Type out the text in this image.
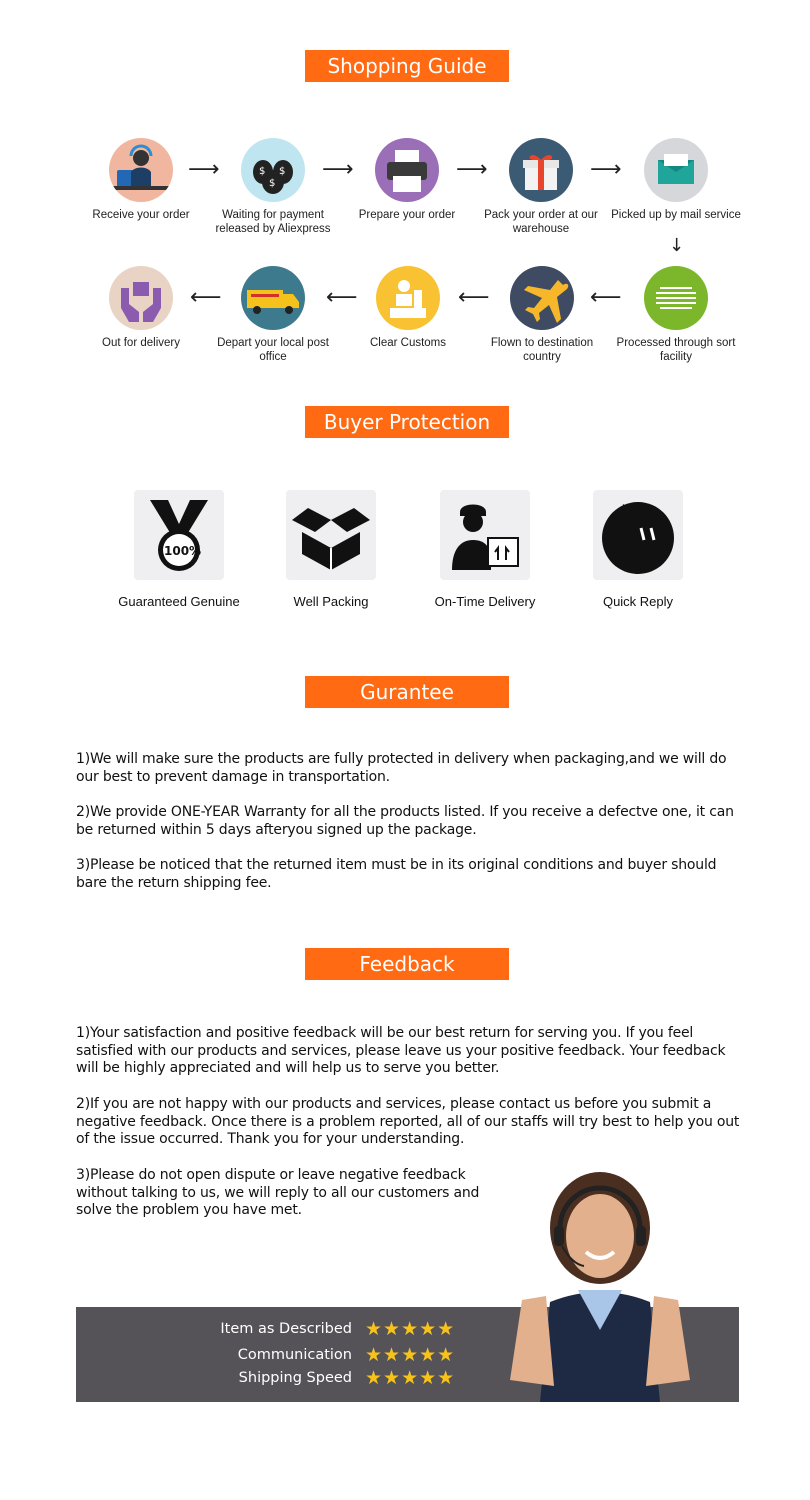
Shopping Guide
Receive your order
⟶	$ $
$
Waiting for payment released by Aliexpress
⟶
Prepare your order
⟶
Pack your order at our warehouse
⟶
Picked up by mail service
↓
Out for delivery
⟵
Depart your local post office
⟵
Clear Customs
⟵
Flown to destination country
⟵
Processed through sort facility
Buyer Protection
100%
Guaranteed Genuine	Well Packing	On-Time Delivery	Quick Reply
Gurantee
1)We will make sure the products are fully protected in delivery when packaging,and we will do our best to prevent damage in transportation.
2)We provide ONE-YEAR Warranty for all the products listed. If you receive a defectve one, it can be returned within 5 days afteryou signed up the package.
3)Please be noticed that the returned item must be in its original conditions and buyer should bare the return shipping fee.
Feedback
1)Your satisfaction and positive feedback will be our best return for serving you. If you feel satisfied with our products and services, please leave us your positive feedback. Your feedback will be highly appreciated and will help us to serve you better.
2)If you are not happy with our products and services, please contact us before you submit a negative feedback. Once there is a problem reported, all of our staffs will try best to help you out of the issue occurred. Thank you for your understanding.
3)Please do not open dispute or leave negative feedback without talking to us, we will reply to all our customers and solve the problem you have met.
Item as Described ★★★★★
Communication ★★★★★
Shipping Speed ★★★★★
